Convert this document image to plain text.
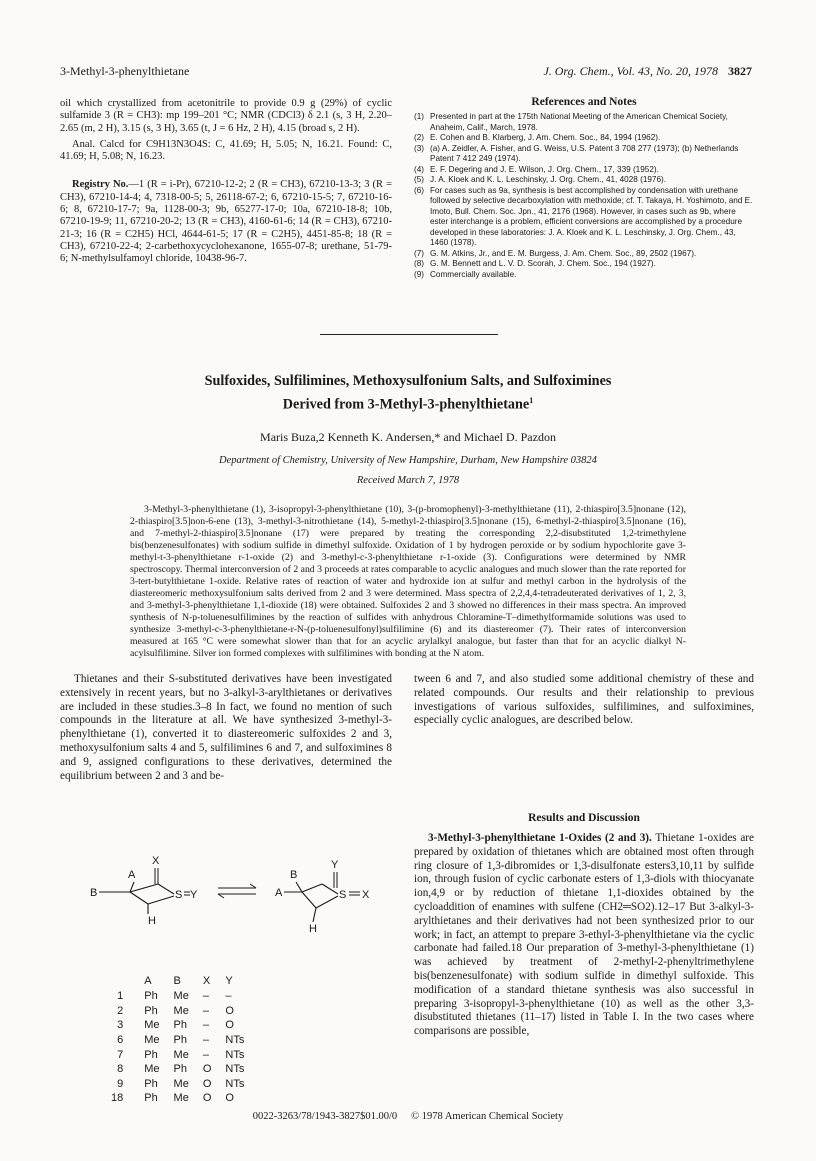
3-Methyl-3-phenylthietane	J. Org. Chem., Vol. 43, No. 20, 1978 3827

oil which crystallized from acetonitrile to provide 0.9 g (29%) of cyclic sulfamide 3 (R = CH3): mp 199–201 °C; NMR (CDCl3) δ 2.1 (s, 3 H, 2.20–2.65 (m, 2 H), 3.15 (s, 3 H), 3.65 (t, J = 6 Hz, 2 H), 4.15 (broad s, 2 H).

Anal. Calcd for C9H13N3O4S: C, 41.69; H, 5.05; N, 16.21. Found: C, 41.69; H, 5.08; N, 16.23.

Registry No.—1 (R = i-Pr), 67210-12-2; 2 (R = CH3), 67210-13-3; 3 (R = CH3), 67210-14-4; 4, 7318-00-5; 5, 26118-67-2; 6, 67210-15-5; 7, 67210-16-6; 8, 67210-17-7; 9a, 1128-00-3; 9b, 65277-17-0; 10a, 67210-18-8; 10b, 67210-19-9; 11, 67210-20-2; 13 (R = CH3), 4160-61-6; 14 (R = CH3), 67210-21-3; 16 (R = C2H5) HCl, 4644-61-5; 17 (R = C2H5), 4451-85-8; 18 (R = CH3), 67210-22-4; 2-carbethoxycyclohexanone, 1655-07-8; urethane, 51-79-6; N-methylsulfamoyl chloride, 10438-96-7.

References and Notes
(1) Presented in part at the 175th National Meeting of the American Chemical Society, Anaheim, Calif., March, 1978.
(2) E. Cohen and B. Klarberg, J. Am. Chem. Soc., 84, 1994 (1962).
(3) (a) A. Zeidler, A. Fisher, and G. Weiss, U.S. Patent 3 708 277 (1973); (b) Netherlands Patent 7 412 249 (1974).
(4) E. F. Degering and J. E. Wilson, J. Org. Chem., 17, 339 (1952).
(5) J. A. Kloek and K. L. Leschinsky, J. Org. Chem., 41, 4028 (1976).
(6) For cases such as 9a, synthesis is best accomplished by condensation with urethane followed by selective decarboxylation with methoxide; cf. T. Takaya, H. Yoshimoto, and E. Imoto, Bull. Chem. Soc. Jpn., 41, 2176 (1968). However, in cases such as 9b, where ester interchange is a problem, efficient conversions are accomplished by a procedure developed in these laboratories: J. A. Kloek and K. L. Leschinsky, J. Org. Chem., 43, 1460 (1978).
(7) G. M. Atkins, Jr., and E. M. Burgess, J. Am. Chem. Soc., 89, 2502 (1967).
(8) G. M. Bennett and L. V. D. Scorah, J. Chem. Soc., 194 (1927).
(9) Commercially available.
Sulfoxides, Sulfilimines, Methoxysulfonium Salts, and Sulfoximines
Derived from 3-Methyl-3-phenylthietane$^1$
Maris Buza,2 Kenneth K. Andersen,* and Michael D. Pazdon
Department of Chemistry, University of New Hampshire, Durham, New Hampshire 03824
Received March 7, 1978
3-Methyl-3-phenylthietane (1), 3-isopropyl-3-phenylthietane (10), 3-(p-bromophenyl)-3-methylthietane (11), 2-thiaspiro[3.5]nonane (12), 2-thiaspiro[3.5]non-6-ene (13), 3-methyl-3-nitrothietane (14), 5-methyl-2-thiaspiro[3.5]nonane (15), 6-methyl-2-thiaspiro[3.5]nonane (16), and 7-methyl-2-thiaspiro[3.5]nonane (17) were prepared by treating the corresponding 2,2-disubstituted 1,2-trimethylene bis(benzenesulfonates) with sodium sulfide in dimethyl sulfoxide. Oxidation of 1 by hydrogen peroxide or by sodium hypochlorite gave 3-methyl-t-3-phenylthietane r-1-oxide (2) and 3-methyl-c-3-phenylthietane r-1-oxide (3). Configurations were determined by NMR spectroscopy. Thermal interconversion of 2 and 3 proceeds at rates comparable to acyclic analogues and much slower than the rate reported for 3-tert-butylthietane 1-oxide. Relative rates of reaction of water and hydroxide ion at sulfur and methyl carbon in the hydrolysis of the diastereomeric methoxysulfonium salts derived from 2 and 3 were determined. Mass spectra of 2,2,4,4-tetradeuterated derivatives of 1, 2, 3, and 3-methyl-3-phenylthietane 1,1-dioxide (18) were obtained. Sulfoxides 2 and 3 showed no differences in their mass spectra. An improved synthesis of N-p-toluenesulfilimines by the reaction of sulfides with anhydrous Chloramine-T–dimethylformamide solutions was used to synthesize 3-methyl-c-3-phenylthietane-r-N-(p-toluenesulfonyl)sulfilimine (6) and its diastereomer (7). Their rates of interconversion measured at 165 °C were somewhat slower than that for an acyclic arylalkyl analogue, but faster than that for an acyclic dialkyl N-acylsulfilimine. Silver ion formed complexes with sulfilimines with bonding at the N atom.
Thietanes and their S-substituted derivatives have been investigated extensively in recent years, but no 3-alkyl-3-arylthietanes or derivatives are included in these studies.3–8 In fact, we found no mention of such compounds in the literature at all. We have synthesized 3-methyl-3-phenylthietane (1), converted it to diastereomeric sulfoxides 2 and 3, methoxysulfonium salts 4 and 5, sulfilimines 6 and 7, and sulfoximines 8 and 9, assigned configurations to these derivatives, determined the equilibrium between 2 and 3 and be-
tween 6 and 7, and also studied some additional chemistry of these and related compounds. Our results and their relationship to previous investigations of various sulfoxides, sulfilimines, and sulfoximines, especially cyclic analogues, are described below.
Results and Discussion
3-Methyl-3-phenylthietane 1-Oxides (2 and 3). Thietane 1-oxides are prepared by oxidation of thietanes which are obtained most often through ring closure of 1,3-dibromides or 1,3-disulfonate esters3,10,11 by sulfide ion, through fusion of cyclic carbonate esters of 1,3-diols with thiocyanate ion,4,9 or by reduction of thietane 1,1-dioxides obtained by the cycloaddition of enamines with sulfene (CH2═SO2).12–17 But 3-alkyl-3-arylthietanes and their derivatives had not been synthesized prior to our work; in fact, an attempt to prepare 3-ethyl-3-phenylthietane via the cyclic carbonate had failed.18 Our preparation of 3-methyl-3-phenylthietane (1) was achieved by treatment of 2-methyl-2-phenyltrimethylene bis(benzenesulfonate) with sodium sulfide in dimethyl sulfoxide. This modification of a standard thietane synthesis was also successful in preparing 3-isopropyl-3-phenylthietane (10) as well as the other 3,3-disubstituted thietanes (11–17) listed in Table I. In the two cases where comparisons are possible,
A
X
B	S Y
H
B
Y
A	S X
H
	A	B	X	Y
1	Ph	Me	–	–
2	Ph	Me	–	O
3	Me	Ph	–	O
6	Me	Ph	–	NTs
7	Ph	Me	–	NTs
8	Me	Ph	O	NTs
9	Ph	Me	O	NTs
18	Ph	Me	O	O
0022-3263/78/1943-3827$01.00/0 © 1978 American Chemical Society
